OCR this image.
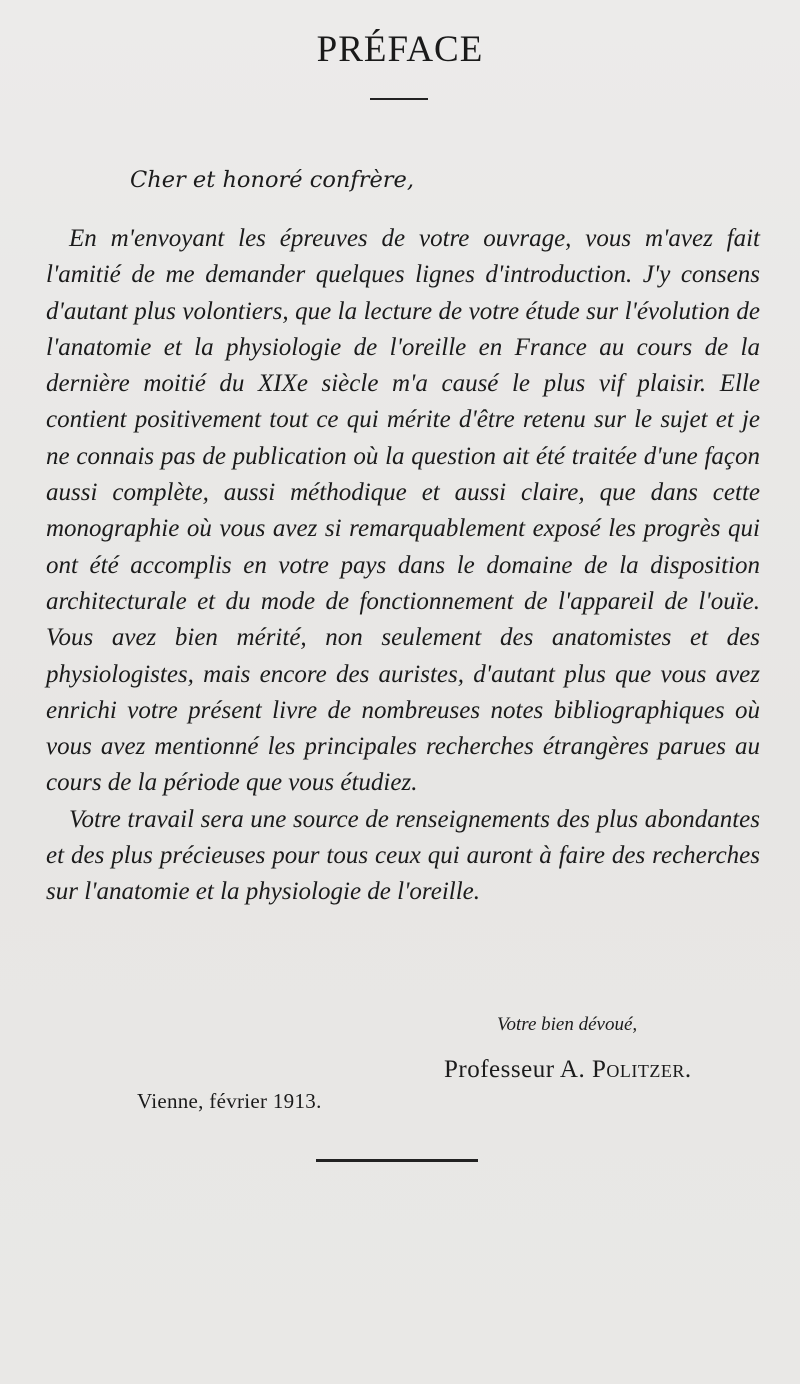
PRÉFACE
Cher et honoré confrère,

En m'envoyant les épreuves de votre ouvrage, vous m'avez fait l'amitié de me demander quelques lignes d'introduction. J'y consens d'autant plus volontiers, que la lecture de votre étude sur l'évolution de l'anatomie et la physiologie de l'oreille en France au cours de la dernière moitié du XIXe siècle m'a causé le plus vif plaisir. Elle contient positivement tout ce qui mérite d'être retenu sur le sujet et je ne connais pas de publication où la question ait été traitée d'une façon aussi complète, aussi méthodique et aussi claire, que dans cette monographie où vous avez si remarquablement exposé les progrès qui ont été accomplis en votre pays dans le domaine de la disposition architecturale et du mode de fonctionnement de l'appareil de l'ouïe. Vous avez bien mérité, non seulement des anatomistes et des physiologistes, mais encore des auristes, d'autant plus que vous avez enrichi votre présent livre de nombreuses notes bibliographiques où vous avez mentionné les principales recherches étrangères parues au cours de la période que vous étudiez.

Votre travail sera une source de renseignements des plus abondantes et des plus précieuses pour tous ceux qui auront à faire des recherches sur l'anatomie et la physiologie de l'oreille.

Votre bien dévoué,
Professeur A. Politzer.
Vienne, février 1913.
